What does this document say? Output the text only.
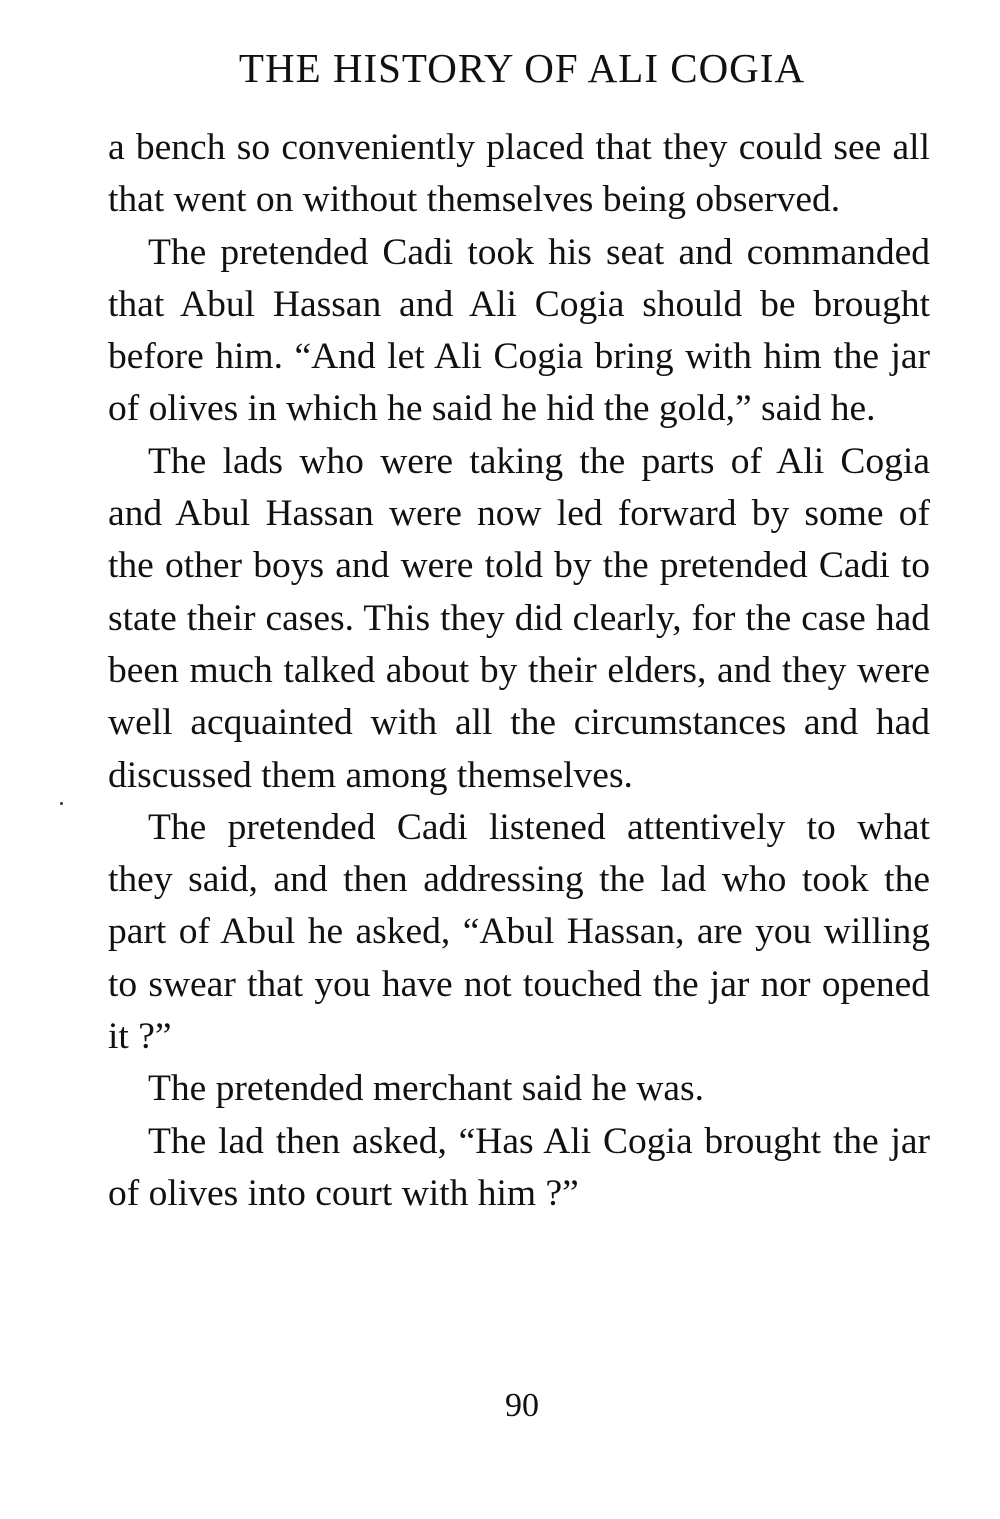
THE HISTORY OF ALI COGIA

a bench so conveniently placed that they could see all that went on without themselves being observed.

The pretended Cadi took his seat and commanded that Abul Hassan and Ali Cogia should be brought before him. “And let Ali Cogia bring with him the jar of olives in which he said he hid the gold,” said he.

The lads who were taking the parts of Ali Cogia and Abul Hassan were now led forward by some of the other boys and were told by the pretended Cadi to state their cases. This they did clearly, for the case had been much talked about by their elders, and they were well acquainted with all the circumstances and had discussed them among themselves.

The pretended Cadi listened attentively to what they said, and then addressing the lad who took the part of Abul he asked, “Abul Hassan, are you willing to swear that you have not touched the jar nor opened it ?”

The pretended merchant said he was.

The lad then asked, “Has Ali Cogia brought the jar of olives into court with him ?”

90
